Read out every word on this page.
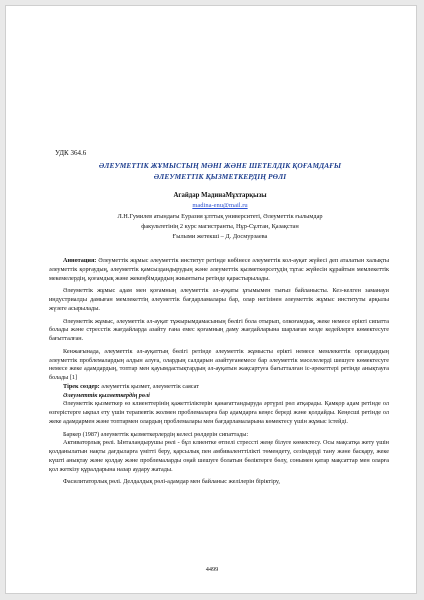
УДК 364.6
ӘЛЕУМЕТТІК ЖҰМЫСТЫҢ МӘНІ ЖӘНЕ ШЕТЕЛДІК ҚОҒАМДАҒЫ
ӘЛЕУМЕТТІК ҚЫЗМЕТКЕРДІҢ РӨЛІ
Агайдар МадинаМұхтарқызы
madina-enu@mail.ru
Л.Н.Гумилев атындағы Еуразия ұлттық университеті, Әлеуметтік ғылымдар
факультетінің 2 курс магистранты, Нұр-Сұлтан, Қазақстан
Ғылыми жетекші – Д. Досмурзаева

Аннотация: Әлеуметтік жұмыс әлеуметтік институт ретінде көбінесе әлеуметтік кол-ауқат жүйесі деп аталатын халықты әлеуметтік қорғаудың, әлеуметтік қамсыздандырудың және әлеуметтік қызметкөрсетудің тұтас жүйесін құрайтын мемлекеттік мекемелердің, қоғамдық және жекеңбімдардың жиынтығы ретінде қарастырылады.

Әлеуметтік жұмыс адам мен қоғамның әлеуметтік әл-ауқаты ұғымымен тығыз байланысты. Кез-келген заманауи индустриалды дамыған мемлекеттің әлеуметтік бағдарламалары бар, олар негізінен әлеуметтік жұмыс институты арқылы жүзеге асырылады.

Әлеуметтік жұмыс, әлеуметтік әл-ауқат тұжырымдамасының бөлігі бола отырып, олкоғамдық, жеке немесе ерікті сипатта болады және стресстік жағдайларда азайту ғана емес қоғамның даму жағдайларына шарлаған кезде кедейлерге көмектесуге бағытталған.

Кенжағынада, әлеуметтік әл-ауқаттың бөлігі ретінде әлеуметтік жұмысты ерікті немесе мемлекеттік органдардың әлеуметтік проблемалардың алдын алуға, олардың салдарын азайтуғанемесе бар әлеуметтік мәселелерді шешуге көмектесуге немесе жеке адамдардың, топтар мен қауымдастықтардың әл-ауқатын жақсартуға бағытталған іс-әрекеттері ретінде анықтауға болады [1]

Тірек сөздер: әлеуметтік қызмет, әлеуметтік саясат

Әлеуметтік қызметкердің рөлі

Әлеуметтік қызметкер өз клиенттерінің қажеттіліктерін қанағаттандыруда әртүрлі рөл атқарады. Қамқор адам ретінде ол өзгерістерге ықпал ету үшін терапевтік жолмен проблемаларға бар адамдарға кеңес береді және қолдайды. Кеңесші ретінде ол жеке адамдармен және топтармен олардың проблемалары мен бағдарламаларына көмектесу үшін жұмыс істейді.

Баркер (1987) әлеуметтік қызметкерлердің келесі рөлдерін сипаттады:

Активаторлық рөлі. Ынталандырушы рөлі - бұл клиентке өтпелі стрессті жеңе білуге көмектесу. Осы мақсатқа жету үшін қолданылатын нақты дағдыларға үмітті беру, қарсылық пен амбиваленттілікті төмендету, сезімдерді тану және басқару, жеке күшті анықтау және қолдау және проблемаларды оңай шешуге болатын бөліктерге бөлу, сонымен қатар мақсаттар мен оларға қол жеткізу құралдарына назар аудару жатады.

Фасилитаторлық рөлі. Делдалдық рөлі-адамдар мен байланыс желілерін біріктіру,

4499
